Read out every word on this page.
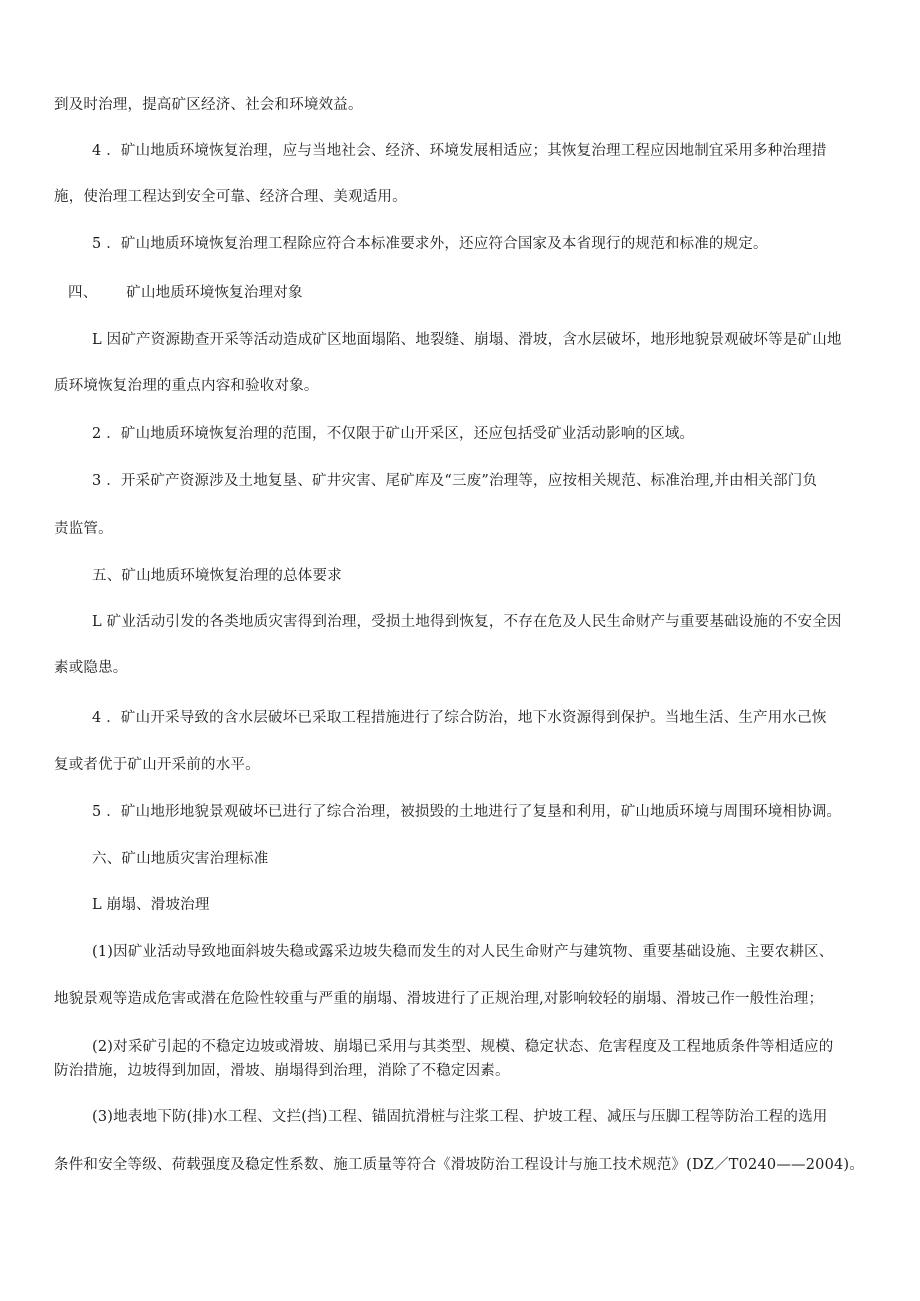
到及时治理，提高矿区经济、社会和环境效益。
4 ．矿山地质环境恢复治理，应与当地社会、经济、环境发展相适应；其恢复治理工程应因地制宜采用多种治理措
施，使治理工程达到安全可靠、经济合理、美观适用。
5 ．矿山地质环境恢复治理工程除应符合本标准要求外，还应符合国家及本省现行的规范和标准的规定。
四、      矿山地质环境恢复治理对象
L 因矿产资源勘查开采等活动造成矿区地面塌陷、地裂缝、崩塌、滑坡，含水层破坏，地形地貌景观破坏等是矿山地
质环境恢复治理的重点内容和验收对象。
2 ．矿山地质环境恢复治理的范围，不仅限于矿山开采区，还应包括受矿业活动影响的区域。
3 ．开采矿产资源涉及土地复垦、矿井灾害、尾矿库及“三废”治理等，应按相关规范、标准治理,并由相关部门负
责监管。
五、矿山地质环境恢复治理的总体要求
L 矿业活动引发的各类地质灾害得到治理，受损土地得到恢复，不存在危及人民生命财产与重要基础设施的不安全因
素或隐患。
4 ．矿山开采导致的含水层破坏已采取工程措施进行了综合防治，地下水资源得到保护。当地生活、生产用水己恢
复或者优于矿山开采前的水平。
5 ．矿山地形地貌景观破坏已进行了综合治理，被损毁的土地进行了复垦和利用，矿山地质环境与周围环境相协调。
六、矿山地质灾害治理标准
L 崩塌、滑坡治理
(1)因矿业活动导致地面斜坡失稳或露采边坡失稳而发生的对人民生命财产与建筑物、重要基础设施、主要农耕区、
地貌景观等造成危害或潜在危险性较重与严重的崩塌、滑坡进行了正规治理,对影响较轻的崩塌、滑坡己作一般性治理；
(2)对采矿引起的不稳定边坡或滑坡、崩塌已采用与其类型、规模、稳定状态、危害程度及工程地质条件等相适应的
防治措施，边坡得到加固，滑坡、崩塌得到治理，消除了不稳定因素。
(3)地表地下防(排)水工程、文拦(挡)工程、锚固抗滑桩与注浆工程、护坡工程、减压与压脚工程等防治工程的选用
条件和安全等级、荷载强度及稳定性系数、施工质量等符合《滑坡防治工程设计与施工技术规范》(DZ／T0240——2004)。
